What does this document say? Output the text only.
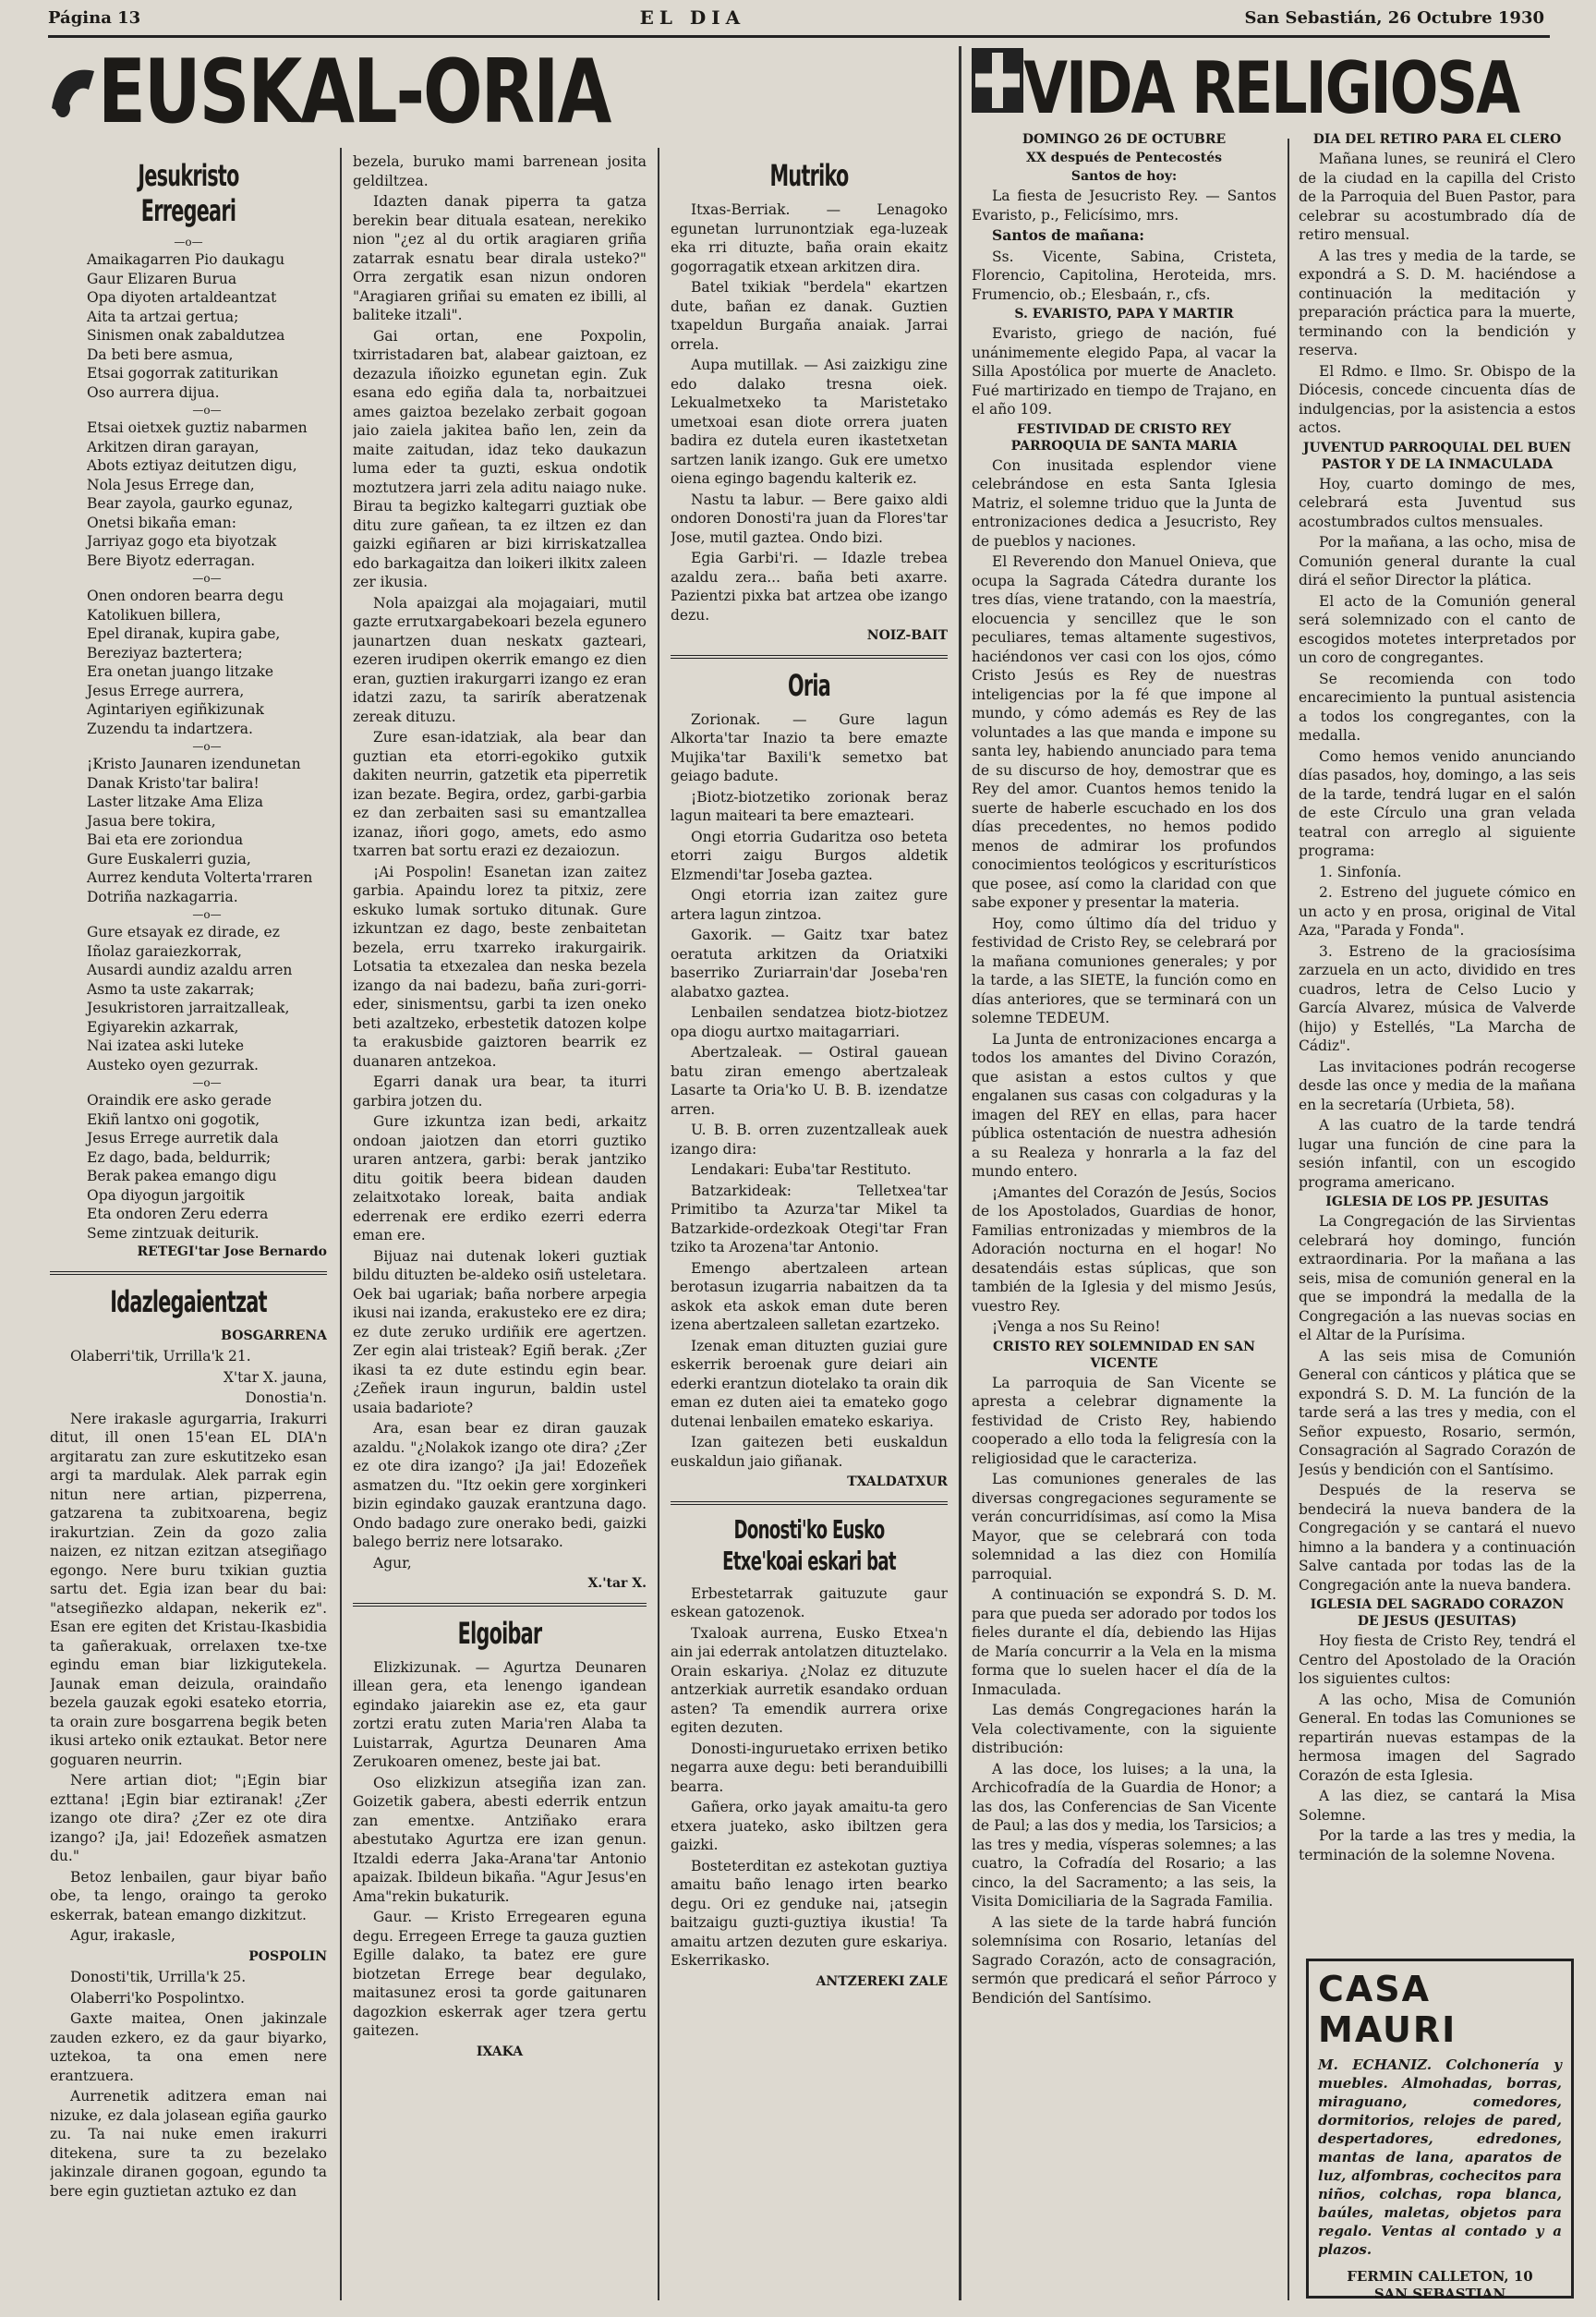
Página 13	EL DIA	San Sebastián, 26 Octubre 1930
EUSKAL-ORIA	VIDA RELIGIOSA
Jesukristo Erregeari
—o—

Amaikagarren Pio daukagu

Gaur Elizaren Burua

Opa diyoten artaldeantzat

Aita ta artzai gertua;

Sinismen onak zabaldutzea

Da beti bere asmua,

Etsai gogorrak zatiturikan

Oso aurrera dijua.

—o—

Etsai oietxek guztiz nabarmen

Arkitzen diran garayan,

Abots eztiyaz deitutzen digu,

Nola Jesus Errege dan,

Bear zayola, gaurko egunaz,

Onetsi bikaña eman:

Jarriyaz gogo eta biyotzak

Bere Biyotz ederragan.

—o—

Onen ondoren bearra degu

Katolikuen billera,

Epel diranak, kupira gabe,

Bereziyaz baztertera;

Era onetan juango litzake

Jesus Errege aurrera,

Agintariyen egiñkizunak

Zuzendu ta indartzera.

—o—

¡Kristo Jaunaren izendunetan

Danak Kristo'tar balira!

Laster litzake Ama Eliza

Jasua bere tokira,

Bai eta ere zoriondua

Gure Euskalerri guzia,

Aurrez kenduta Volterta'rraren

Dotriña nazkagarria.

—o—

Gure etsayak ez dirade, ez

Iñolaz garaiezkorrak,

Ausardi aundiz azaldu arren

Asmo ta uste zakarrak;

Jesukristoren jarraitzalleak,

Egiyarekin azkarrak,

Nai izatea aski luteke

Austeko oyen gezurrak.

—o—

Oraindik ere asko gerade

Ekiñ lantxo oni gogotik,

Jesus Errege aurretik dala

Ez dago, bada, beldurrik;

Berak pakea emango digu

Opa diyogun jargoitik

Eta ondoren Zeru ederra

Seme zintzuak deiturik.

RETEGI'tar Jose Bernardo

Idazlegaientzat

BOSGARRENA

Olaberri'tik, Urrilla'k 21.

X'tar X. jauna,

Donostia'n.

Nere irakasle agurgarria, Irakurri ditut, ill onen 15'ean EL DIA'n argitaratu zan zure eskutitzeko esan argi ta mardulak. Alek parrak egin nitun nere artian, pizperrena, gatzarena ta zubitxoarena, begiz irakurtzian. Zein da gozo zalia naizen, ez nitzan ezitzan atsegiñago egongo. Nere buru txikian guztia sartu det. Egia izan bear du bai: "atsegiñezko aldapan, nekerik ez". Esan ere egiten det Kristau-Ikasbidia ta gañerakuak, orrelaxen txe-txe egindu eman biar lizkigutekela. Jaunak eman deizula, oraindaño bezela gauzak egoki esateko etorria, ta orain zure bosgarrena begik beten ikusi arteko onik eztaukat. Betor nere goguaren neurrin.

Nere artian diot; "¡Egin biar ezttana! ¡Egin biar eztiranak! ¿Zer izango ote dira? ¿Zer ez ote dira izango? ¡Ja, jai! Edozeñek asmatzen du."

Betoz lenbailen, gaur biyar baño obe, ta lengo, oraingo ta geroko eskerrak, batean emango dizkitzut.

Agur, irakasle,

POSPOLIN

Donosti'tik, Urrilla'k 25.

Olaberri'ko Pospolintxo.

Gaxte maitea, Onen jakinzale zauden ezkero, ez da gaur biyarko, uztekoa, ta ona emen nere erantzuera.

Aurrenetik aditzera eman nai nizuke, ez dala jolasean egiña gaurko zu. Ta nai nuke emen irakurri ditekena, sure ta zu bezelako jakinzale diranen gogoan, egundo ta bere egin guztietan aztuko ez dan

bezela, buruko mami barrenean josita geldiltzea.

Idazten danak piperra ta gatza berekin bear dituala esatean, nerekiko nion "¿ez al du ortik aragiaren griña zatarrak esnatu bear dirala usteko?" Orra zergatik esan nizun ondoren "Aragiaren griñai su ematen ez ibilli, al baliteke itzali".

Gai ortan, ene Poxpolin, txirristadaren bat, alabear gaiztoan, ez dezazula iñoizko egunetan egin. Zuk esana edo egiña dala ta, norbaitzuei ames gaiztoa bezelako zerbait gogoan jaio zaiela jakitea baño len, zein da maite zaitudan, idaz teko daukazun luma eder ta guzti, eskua ondotik moztutzera jarri zela aditu naiago nuke. Birau ta begizko kaltegarri guztiak obe ditu zure gañean, ta ez iltzen ez dan gaizki egiñaren ar bizi kirriskatzallea edo barkagaitza dan loikeri ilkitx zaleen zer ikusia.

Nola apaizgai ala mojagaiari, mutil gazte errutxargabekoari bezela egunero jaunartzen duan neskatx gazteari, ezeren irudipen okerrik emango ez dien eran, guztien irakurgarri izango ez eran idatzi zazu, ta sarirík aberatzenak zereak dituzu.

Zure esan-idatziak, ala bear dan guztian eta etorri-egokiko gutxik dakiten neurrin, gatzetik eta piperretik izan bezate. Begira, ordez, garbi-garbia ez dan zerbaiten sasi su emantzallea izanaz, iñori gogo, amets, edo asmo txarren bat sortu erazi ez dezaiozun.

¡Ai Pospolin! Esanetan izan zaitez garbia. Apaindu lorez ta pitxiz, zere eskuko lumak sortuko ditunak. Gure izkuntzan ez dago, beste zenbaitetan bezela, erru txarreko irakurgairik. Lotsatia ta etxezalea dan neska bezela izango da nai badezu, baña zuri-gorri-eder, sinismentsu, garbi ta izen oneko beti azaltzeko, erbestetik datozen kolpe ta erakusbide gaiztoren bearrik ez duanaren antzekoa.

Egarri danak ura bear, ta iturri garbira jotzen du.

Gure izkuntza izan bedi, arkaitz ondoan jaiotzen dan etorri guztiko uraren antzera, garbi: berak jantziko ditu goitik beera bidean dauden zelaitxotako loreak, baita andiak ederrenak ere erdiko ezerri ederra eman ere.

Bijuaz nai dutenak lokeri guztiak bildu dituzten be-aldeko osiñ usteletara. Oek bai ugariak; baña norbere arpegia ikusi nai izanda, erakusteko ere ez dira; ez dute zeruko urdiñik ere agertzen. Zer egin alai tristeak? Egiñ berak. ¿Zer ikasi ta ez dute estindu egin bear. ¿Zeñek iraun ingurun, baldin ustel usaia badariote?

Ara, esan bear ez diran gauzak azaldu. "¿Nolakok izango ote dira? ¿Zer ez ote dira izango? ¡Ja jai! Edozeñek asmatzen du. "Itz oekin gere xorginkeri bizin egindako gauzak erantzuna dago. Ondo badago zure onerako bedi, gaizki balego berriz nere lotsarako.

Agur,

X.'tar X.

Elgoibar

Elizkizunak. — Agurtza Deunaren illean gera, eta lenengo igandean egindako jaiarekin ase ez, eta gaur zortzi eratu zuten Maria'ren Alaba ta Luistarrak, Agurtza Deunaren Ama Zerukoaren omenez, beste jai bat.

Oso elizkizun atsegiña izan zan. Goizetik gabera, abesti ederrik entzun zan ementxe. Antziñako erara abestutako Agurtza ere izan genun. Itzaldi ederra Jaka-Arana'tar Antonio apaizak. Ibildeun bikaña. "Agur Jesus'en Ama"rekin bukaturik.

Gaur. — Kristo Erregearen eguna degu. Erregeen Errege ta gauza guztien Egille dalako, ta batez ere gure biotzetan Errege bear degulako, maitasunez erosi ta gorde gaitunaren dagozkion eskerrak ager tzera gertu gaitezen.

IXAKA

Mutriko

Itxas-Berriak. — Lenagoko egunetan lurrunontziak ega-luzeak eka rri dituzte, baña orain ekaitz gogorragatik etxean arkitzen dira.

Batel txikiak "berdela" ekartzen dute, bañan ez danak. Guztien txapeldun Burgaña anaiak. Jarrai orrela.

Aupa mutillak. — Asi zaizkigu zine edo dalako tresna oiek. Lekualmetxeko ta Maristetako umetxoai esan diote orrera juaten badira ez dutela euren ikastetxetan sartzen lanik izango. Guk ere umetxo oiena egingo bagendu kalterik ez.

Nastu ta labur. — Bere gaixo aldi ondoren Donosti'ra juan da Flores'tar Jose, mutil gaztea. Ondo bizi.

Egia Garbi'ri. — Idazle trebea azaldu zera... baña beti axarre. Pazientzi pixka bat artzea obe izango dezu.

NOIZ-BAIT

Oria

Zorionak. — Gure lagun Alkorta'tar Inazio ta bere emazte Mujika'tar Baxili'k semetxo bat geiago badute.

¡Biotz-biotzetiko zorionak beraz lagun maiteari ta bere emazteari.

Ongi etorria Gudaritza oso beteta etorri zaigu Burgos aldetik Elzmendi'tar Joseba gaztea.

Ongi etorria izan zaitez gure artera lagun zintzoa.

Gaxorik. — Gaitz txar batez oeratuta arkitzen da Oriatxiki baserriko Zuriarrain'dar Joseba'ren alabatxo gaztea.

Lenbailen sendatzea biotz-biotzez opa diogu aurtxo maitagarriari.

Abertzaleak. — Ostiral gauean batu ziran emengo abertzaleak Lasarte ta Oria'ko U. B. B. izendatze arren.

U. B. B. orren zuzentzalleak auek izango dira:

Lendakari: Euba'tar Restituto.

Batzarkideak: Telletxea'tar Primitibo ta Azurza'tar Mikel ta Batzarkide-ordezkoak Otegi'tar Fran tziko ta Arozena'tar Antonio.

Emengo abertzaleen artean berotasun izugarria nabaitzen da ta askok eta askok eman dute beren izena abertzaleen salletan ezartzeko.

Izenak eman dituzten guziai gure eskerrik beroenak gure deiari ain ederki erantzun diotelako ta orain dik eman ez duten aiei ta emateko gogo dutenai lenbailen emateko eskariya.

Izan gaitezen beti euskaldun euskaldun jaio giñanak.

TXALDATXUR

Donosti'ko Eusko Etxe'koai eskari bat

Erbestetarrak gaituzute gaur eskean gatozenok.

Txaloak aurrena, Eusko Etxea'n ain jai ederrak antolatzen dituztelako. Orain eskariya. ¿Nolaz ez dituzute antzerkiak aurretik esandako orduan asten? Ta emendik aurrera orixe egiten dezuten.

Donosti-inguruetako errixen betiko negarra auxe degu: beti beranduibilli bearra.

Gañera, orko jayak amaitu-ta gero etxera juateko, asko ibiltzen gera gaizki.

Bosteterditan ez astekotan guztiya amaitu baño lenago irten bearko degu. Ori ez genduke nai, ¡atsegin baitzaigu guzti-guztiya ikustia! Ta amaitu artzen dezuten gure eskariya. Eskerrikasko.

ANTZEREKI ZALE

DOMINGO 26 DE OCTUBRE

XX después de Pentecostés

Santos de hoy:

La fiesta de Jesucristo Rey. — Santos Evaristo, p., Felicísimo, mrs.

Santos de mañana:

Ss. Vicente, Sabina, Cristeta, Florencio, Capitolina, Heroteida, mrs. Frumencio, ob.; Elesbaán, r., cfs.

S. EVARISTO, PAPA Y MARTIR

Evaristo, griego de nación, fué unánimemente elegido Papa, al vacar la Silla Apostólica por muerte de Anacleto. Fué martirizado en tiempo de Trajano, en el año 109.

FESTIVIDAD DE CRISTO REY PARROQUIA DE SANTA MARIA

Con inusitada esplendor viene celebrándose en esta Santa Iglesia Matriz, el solemne triduo que la Junta de entronizaciones dedica a Jesucristo, Rey de pueblos y naciones.

El Reverendo don Manuel Onieva, que ocupa la Sagrada Cátedra durante los tres días, viene tratando, con la maestría, elocuencia y sencillez que le son peculiares, temas altamente sugestivos, haciéndonos ver casi con los ojos, cómo Cristo Jesús es Rey de nuestras inteligencias por la fé que impone al mundo, y cómo además es Rey de las voluntades a las que manda e impone su santa ley, habiendo anunciado para tema de su discurso de hoy, demostrar que es Rey del amor. Cuantos hemos tenido la suerte de haberle escuchado en los dos días precedentes, no hemos podido menos de admirar los profundos conocimientos teológicos y escriturísticos que posee, así como la claridad con que sabe exponer y presentar la materia.

Hoy, como último día del triduo y festividad de Cristo Rey, se celebrará por la mañana comuniones generales; y por la tarde, a las SIETE, la función como en días anteriores, que se terminará con un solemne TEDEUM.

La Junta de entronizaciones encarga a todos los amantes del Divino Corazón, que asistan a estos cultos y que engalanen sus casas con colgaduras y la imagen del REY en ellas, para hacer pública ostentación de nuestra adhesión a su Realeza y honrarla a la faz del mundo entero.

¡Amantes del Corazón de Jesús, Socios de los Apostolados, Guardias de honor, Familias entronizadas y miembros de la Adoración nocturna en el hogar! No desatendáis estas súplicas, que son también de la Iglesia y del mismo Jesús, vuestro Rey.

¡Venga a nos Su Reino!

CRISTO REY SOLEMNIDAD EN SAN VICENTE

La parroquia de San Vicente se apresta a celebrar dignamente la festividad de Cristo Rey, habiendo cooperado a ello toda la feligresía con la religiosidad que le caracteriza.

Las comuniones generales de las diversas congregaciones seguramente se verán concurridísimas, así como la Misa Mayor, que se celebrará con toda solemnidad a las diez con Homilía parroquial.

A continuación se expondrá S. D. M. para que pueda ser adorado por todos los fieles durante el día, debiendo las Hijas de María concurrir a la Vela en la misma forma que lo suelen hacer el día de la Inmaculada.

Las demás Congregaciones harán la Vela colectivamente, con la siguiente distribución:

A las doce, los luises; a la una, la Archicofradía de la Guardia de Honor; a las dos, las Conferencias de San Vicente de Paul; a las dos y media, los Tarsicios; a las tres y media, vísperas solemnes; a las cuatro, la Cofradía del Rosario; a las cinco, la del Sacramento; a las seis, la Visita Domiciliaria de la Sagrada Familia.

A las siete de la tarde habrá función solemnísima con Rosario, letanías del Sagrado Corazón, acto de consagración, sermón que predicará el señor Párroco y Bendición del Santísimo.

DIA DEL RETIRO PARA EL CLERO

Mañana lunes, se reunirá el Clero de la ciudad en la capilla del Cristo de la Parroquia del Buen Pastor, para celebrar su acostumbrado día de retiro mensual.

A las tres y media de la tarde, se expondrá a S. D. M. haciéndose a continuación la meditación y preparación práctica para la muerte, terminando con la bendición y reserva.

El Rdmo. e Ilmo. Sr. Obispo de la Diócesis, concede cincuenta días de indulgencias, por la asistencia a estos actos.

JUVENTUD PARROQUIAL DEL BUEN PASTOR Y DE LA INMACULADA

Hoy, cuarto domingo de mes, celebrará esta Juventud sus acostumbrados cultos mensuales.

Por la mañana, a las ocho, misa de Comunión general durante la cual dirá el señor Director la plática.

El acto de la Comunión general será solemnizado con el canto de escogidos motetes interpretados por un coro de congregantes.

Se recomienda con todo encarecimiento la puntual asistencia a todos los congregantes, con la medalla.

Como hemos venido anunciando días pasados, hoy, domingo, a las seis de la tarde, tendrá lugar en el salón de este Círculo una gran velada teatral con arreglo al siguiente programa:

1. Sinfonía.

2. Estreno del juguete cómico en un acto y en prosa, original de Vital Aza, "Parada y Fonda".

3. Estreno de la graciosísima zarzuela en un acto, dividido en tres cuadros, letra de Celso Lucio y García Alvarez, música de Valverde (hijo) y Estellés, "La Marcha de Cádiz".

Las invitaciones podrán recogerse desde las once y media de la mañana en la secretaría (Urbieta, 58).

A las cuatro de la tarde tendrá lugar una función de cine para la sesión infantil, con un escogido programa americano.

IGLESIA DE LOS PP. JESUITAS

La Congregación de las Sirvientas celebrará hoy domingo, función extraordinaria. Por la mañana a las seis, misa de comunión general en la que se impondrá la medalla de la Congregación a las nuevas socias en el Altar de la Purísima.

A las seis misa de Comunión General con cánticos y plática que se expondrá S. D. M. La función de la tarde será a las tres y media, con el Señor expuesto, Rosario, sermón, Consagración al Sagrado Corazón de Jesús y bendición con el Santísimo.

Después de la reserva se bendecirá la nueva bandera de la Congregación y se cantará el nuevo himno a la bandera y a continuación Salve cantada por todas las de la Congregación ante la nueva bandera.

IGLESIA DEL SAGRADO CORAZON DE JESUS (JESUITAS)

Hoy fiesta de Cristo Rey, tendrá el Centro del Apostolado de la Oración los siguientes cultos:

A las ocho, Misa de Comunión General. En todas las Comuniones se repartirán nuevas estampas de la hermosa imagen del Sagrado Corazón de esta Iglesia.

A las diez, se cantará la Misa Solemne.

Por la tarde a las tres y media, la terminación de la solemne Novena.

CASA MAURI
M. ECHANIZ. Colchonería y muebles. Almohadas, borras, miraguano, comedores, dormitorios, relojes de pared, despertadores, edredones, mantas de lana, aparatos de luz, alfombras, cochecitos para niños, colchas, ropa blanca, baúles, maletas, objetos para regalo. Ventas al contado y a plazos.
FERMIN CALLETON, 10
SAN SEBASTIAN
